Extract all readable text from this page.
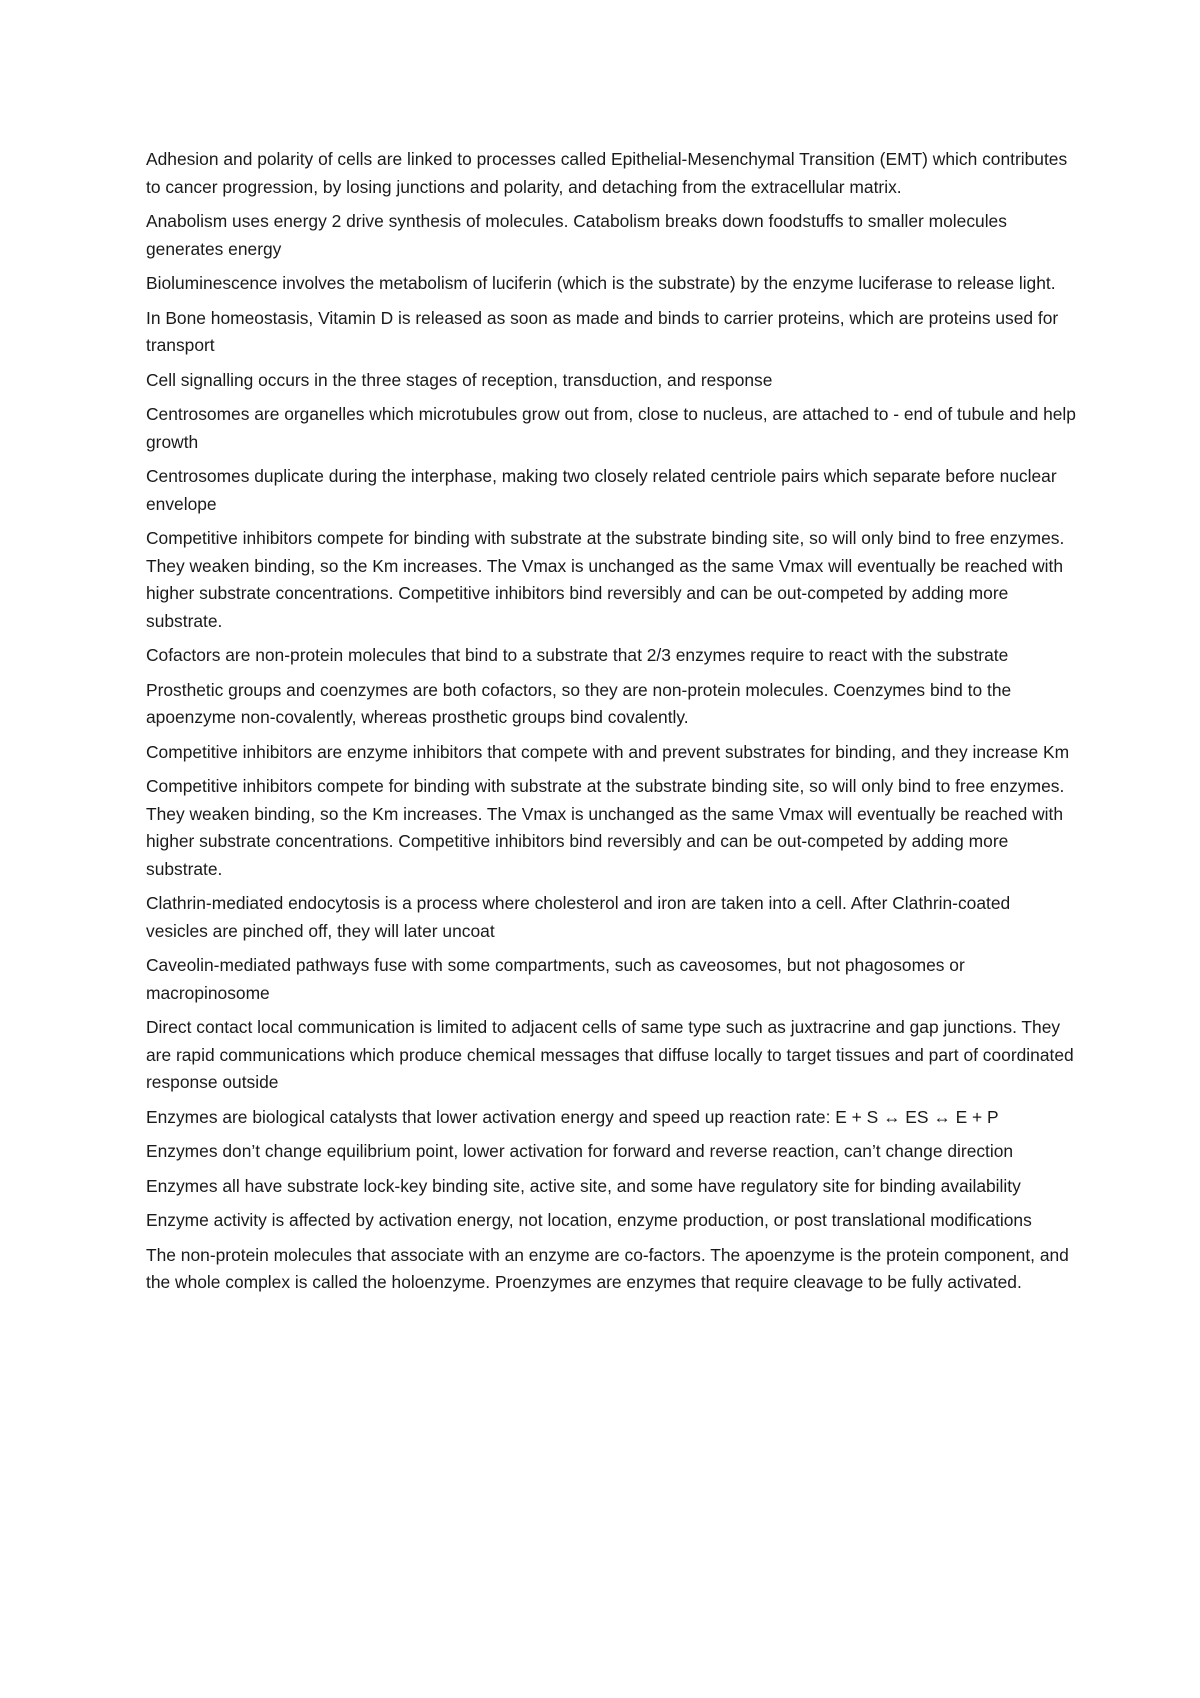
Adhesion and polarity of cells are linked to processes called Epithelial-Mesenchymal Transition (EMT) which contributes to cancer progression, by losing junctions and polarity, and detaching from the extracellular matrix.

Anabolism uses energy 2 drive synthesis of molecules. Catabolism breaks down foodstuffs to smaller molecules generates energy

Bioluminescence involves the metabolism of luciferin (which is the substrate) by the enzyme luciferase to release light.

In Bone homeostasis, Vitamin D is released as soon as made and binds to carrier proteins, which are proteins used for transport

Cell signalling occurs in the three stages of reception, transduction, and response

Centrosomes are organelles which microtubules grow out from, close to nucleus, are attached to - end of tubule and help growth

Centrosomes duplicate during the interphase, making two closely related centriole pairs which separate before nuclear envelope

Competitive inhibitors compete for binding with substrate at the substrate binding site, so will only bind to free enzymes. They weaken binding, so the Km increases. The Vmax is unchanged as the same Vmax will eventually be reached with higher substrate concentrations. Competitive inhibitors bind reversibly and can be out-competed by adding more substrate.

Cofactors are non-protein molecules that bind to a substrate that 2/3 enzymes require to react with the substrate

Prosthetic groups and coenzymes are both cofactors, so they are non-protein molecules. Coenzymes bind to the apoenzyme non-covalently, whereas prosthetic groups bind covalently.

Competitive inhibitors are enzyme inhibitors that compete with and prevent substrates for binding, and they increase Km

Competitive inhibitors compete for binding with substrate at the substrate binding site, so will only bind to free enzymes. They weaken binding, so the Km increases. The Vmax is unchanged as the same Vmax will eventually be reached with higher substrate concentrations. Competitive inhibitors bind reversibly and can be out-competed by adding more substrate.

Clathrin-mediated endocytosis is a process where cholesterol and iron are taken into a cell. After Clathrin-coated vesicles are pinched off, they will later uncoat

Caveolin-mediated pathways fuse with some compartments, such as caveosomes, but not phagosomes or macropinosome

Direct contact local communication is limited to adjacent cells of same type such as juxtracrine and gap junctions. They are rapid communications which produce chemical messages that diffuse locally to target tissues and part of coordinated response outside

Enzymes are biological catalysts that lower activation energy and speed up reaction rate: E + S ↔ ES ↔ E + P

Enzymes don’t change equilibrium point, lower activation for forward and reverse reaction, can’t change direction

Enzymes all have substrate lock-key binding site, active site, and some have regulatory site for binding availability

Enzyme activity is affected by activation energy, not location, enzyme production, or post translational modifications

The non-protein molecules that associate with an enzyme are co-factors. The apoenzyme is the protein component, and the whole complex is called the holoenzyme. Proenzymes are enzymes that require cleavage to be fully activated.
